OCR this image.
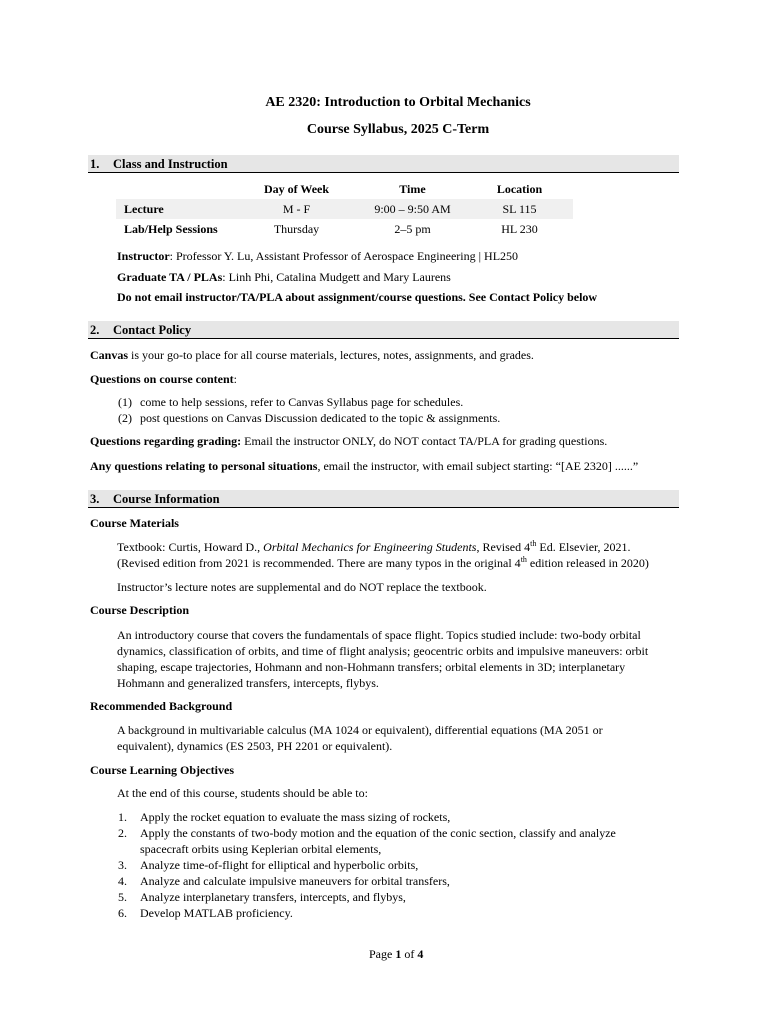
AE 2320: Introduction to Orbital Mechanics
Course Syllabus, 2025 C-Term
1. Class and Instruction
	Day of Week	Time	Location
Lecture	M - F	9:00 – 9:50 AM	SL 115
Lab/Help Sessions	Thursday	2–5 pm	HL 230
Instructor: Professor Y. Lu, Assistant Professor of Aerospace Engineering | HL250
Graduate TA / PLAs: Linh Phi, Catalina Mudgett and Mary Laurens
Do not email instructor/TA/PLA about assignment/course questions. See Contact Policy below
2. Contact Policy
Canvas is your go-to place for all course materials, lectures, notes, assignments, and grades.
Questions on course content:
(1) come to help sessions, refer to Canvas Syllabus page for schedules.
(2) post questions on Canvas Discussion dedicated to the topic & assignments.
Questions regarding grading: Email the instructor ONLY, do NOT contact TA/PLA for grading questions.
Any questions relating to personal situations, email the instructor, with email subject starting: “[AE 2320] ......”
3. Course Information
Course Materials
Textbook: Curtis, Howard D., Orbital Mechanics for Engineering Students, Revised 4th Ed. Elsevier, 2021.
(Revised edition from 2021 is recommended. There are many typos in the original 4th edition released in 2020)
Instructor’s lecture notes are supplemental and do NOT replace the textbook.
Course Description
An introductory course that covers the fundamentals of space flight. Topics studied include: two-body orbital
dynamics, classification of orbits, and time of flight analysis; geocentric orbits and impulsive maneuvers: orbit
shaping, escape trajectories, Hohmann and non-Hohmann transfers; orbital elements in 3D; interplanetary
Hohmann and generalized transfers, intercepts, flybys.
Recommended Background
A background in multivariable calculus (MA 1024 or equivalent), differential equations (MA 2051 or
equivalent), dynamics (ES 2503, PH 2201 or equivalent).
Course Learning Objectives
At the end of this course, students should be able to:
1. Apply the rocket equation to evaluate the mass sizing of rockets,
2. Apply the constants of two-body motion and the equation of the conic section, classify and analyze
spacecraft orbits using Keplerian orbital elements,
3. Analyze time-of-flight for elliptical and hyperbolic orbits,
4. Analyze and calculate impulsive maneuvers for orbital transfers,
5. Analyze interplanetary transfers, intercepts, and flybys,
6. Develop MATLAB proficiency.
Page 1 of 4
